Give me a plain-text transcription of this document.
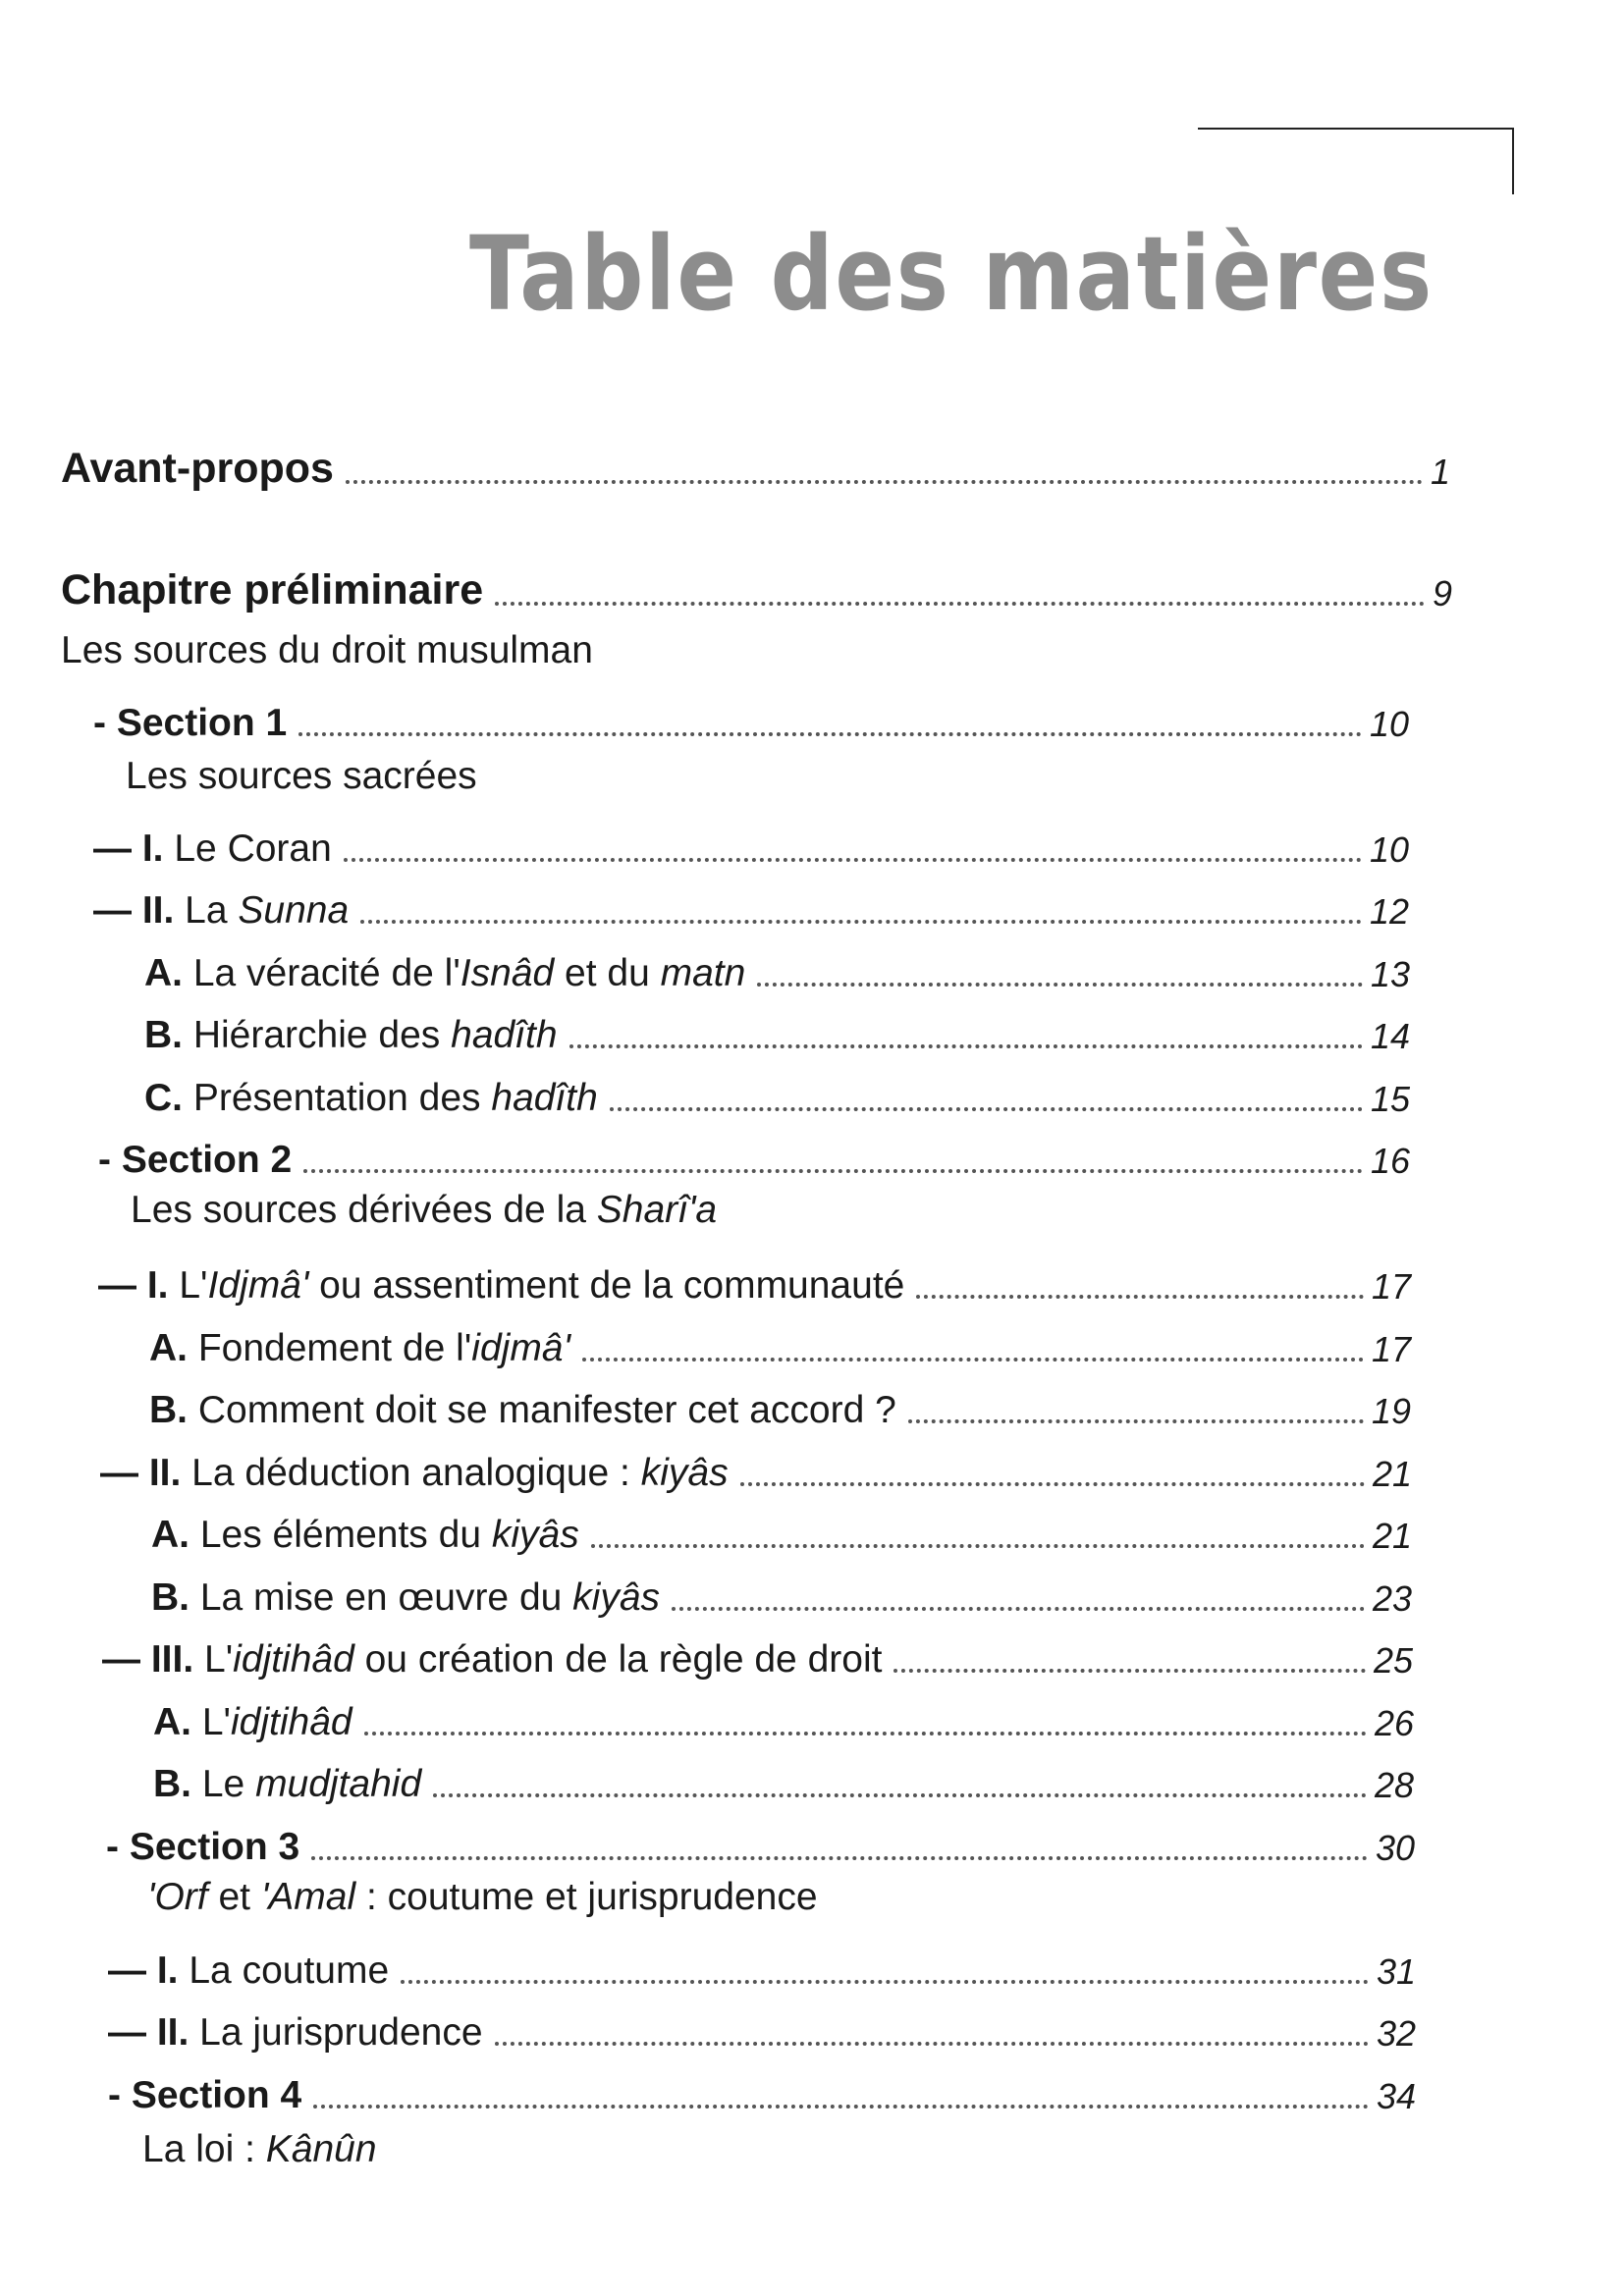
Table des matières
Avant-propos	1
Chapitre préliminaire	9
Les sources du droit musulman
- Section 1	10
Les sources sacrées
— I. Le Coran	10
— II. La Sunna	12
A. La véracité de l'Isnâd et du matn	13
B. Hiérarchie des hadîth	14
C. Présentation des hadîth	15
- Section 2	16
Les sources dérivées de la Sharî'a
— I. L'Idjmâ' ou assentiment de la communauté	17
A. Fondement de l'idjmâ'	17
B. Comment doit se manifester cet accord ?	19
— II. La déduction analogique : kiyâs	21
A. Les éléments du kiyâs	21
B. La mise en œuvre du kiyâs	23
— III. L'idjtihâd ou création de la règle de droit	25
A. L'idjtihâd	26
B. Le mudjtahid	28
- Section 3	30
'Orf et 'Amal : coutume et jurisprudence
— I. La coutume	31
— II. La jurisprudence	32
- Section 4	34
La loi : Kânûn
